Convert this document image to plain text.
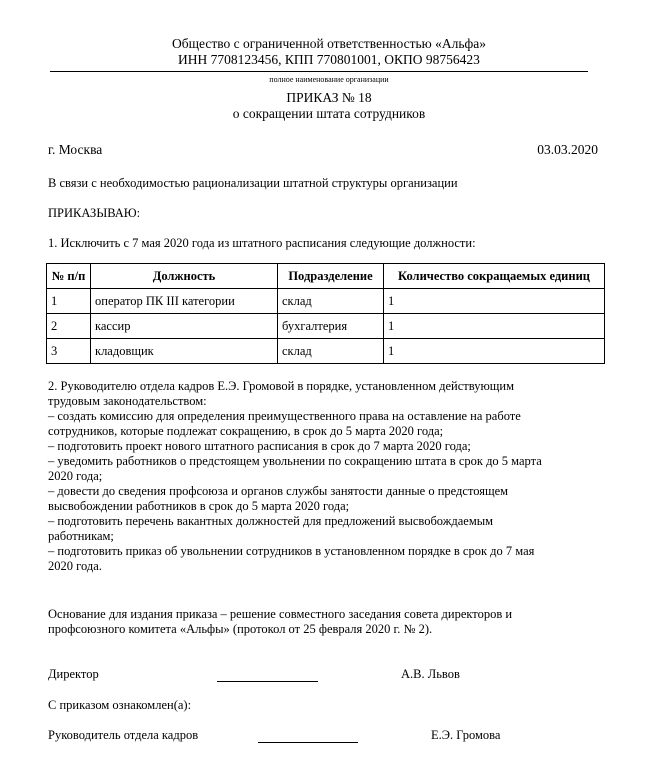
Общество с ограниченной ответственностью «Альфа»
ИНН 7708123456, КПП 770801001, ОКПО 98756423
полное наименование организации
ПРИКАЗ № 18
о сокращении штата сотрудников
г. Москва	03.03.2020
В связи с необходимостью рационализации штатной структуры организации
ПРИКАЗЫВАЮ:
1. Исключить с 7 мая 2020 года из штатного расписания следующие должности:
№ п/п	Должность	Подразделение	Количество сокращаемых единиц
1	оператор ПК III категории	склад	1
2	кассир	бухгалтерия	1
3	кладовщик	склад	1
2. Руководителю отдела кадров Е.Э. Громовой в порядке, установленном действующим
трудовым законодательством:
– создать комиссию для определения преимущественного права на оставление на работе
сотрудников, которые подлежат сокращению, в срок до 5 марта 2020 года;
– подготовить проект нового штатного расписания в срок до 7 марта 2020 года;
– уведомить работников о предстоящем увольнении по сокращению штата в срок до 5 марта
2020 года;
– довести до сведения профсоюза и органов службы занятости данные о предстоящем
высвобождении работников в срок до 5 марта 2020 года;
– подготовить перечень вакантных должностей для предложений высвобождаемым
работникам;
– подготовить приказ об увольнении сотрудников в установленном порядке в срок до 7 мая
2020 года.
Основание для издания приказа – решение совместного заседания совета директоров и
профсоюзного комитета «Альфы» (протокол от 25 февраля 2020 г. № 2).
Директор	А.В. Львов
С приказом ознакомлен(а):
Руководитель отдела кадров	Е.Э. Громова
